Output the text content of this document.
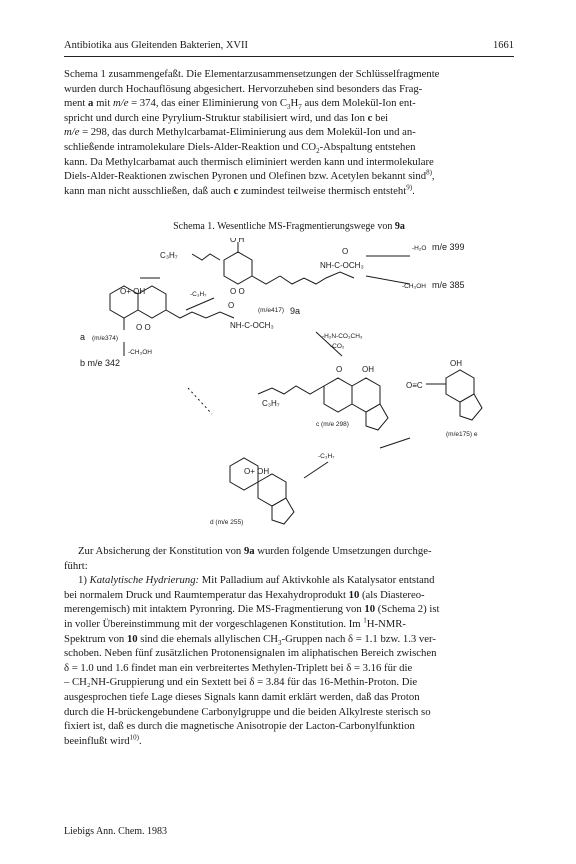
Antibiotika aus Gleitenden Bakterien, XVII	1661

Schema 1 zusammengefaßt. Die Elementarzusammensetzungen der Schlüsselfragmente

wurden durch Hochauflösung abgesichert. Hervorzuheben sind besonders das Frag-

ment a mit m/e = 374, das einer Eliminierung von $C_3H_7$ aus dem Molekül-Ion ent-

spricht und durch eine Pyrylium-Struktur stabilisiert wird, und das Ion c bei

m/e = 298, das durch Methylcarbamat-Eliminierung aus dem Molekül-Ion und an-

schließende intramolekulare Diels-Alder-Reaktion und $CO_2$-Abspaltung entstehen

kann. Da Methylcarbamat auch thermisch eliminiert werden kann und intermolekulare

Diels-Alder-Reaktionen zwischen Pyronen und Olefinen bzw. Acetylen bekannt sind$^{8)}$,

kann man nicht ausschließen, daß auch c zumindest teilweise thermisch entsteht$^{9)}$.

Schema 1. Wesentliche MS-Fragmentierungswege von 9a
C₃H₇
O H
O O
(m/e417) 9a
O
NH-C-OCH₃
-H₂O m/e 399
-CH₃OH m/e 385
O+ OH	-C₃H₇
O
NH-C-OCH₃
O O
a (m/e374)
-CH₃OH
b m/e 342
-H₂N-CO₂CH₃
-CO₂
O OH
C₃H₇
c (m/e 298)
OH
O≡C
(m/e175) e
-C₃H₇
O+ OH
d (m/e 255)

Zur Absicherung der Konstitution von 9a wurden folgende Umsetzungen durchge-

führt:

1) Katalytische Hydrierung: Mit Palladium auf Aktivkohle als Katalysator entstand

bei normalem Druck und Raumtemperatur das Hexahydroprodukt 10 (als Diastereo-

merengemisch) mit intaktem Pyronring. Die MS-Fragmentierung von 10 (Schema 2) ist

in voller Übereinstimmung mit der vorgeschlagenen Konstitution. Im $^1$H-NMR-

Spektrum von 10 sind die ehemals allylischen $CH_3$-Gruppen nach δ = 1.1 bzw. 1.3 ver-

schoben. Neben fünf zusätzlichen Protonensignalen im aliphatischen Bereich zwischen

δ = 1.0 und 1.6 findet man ein verbreitertes Methylen-Triplett bei δ = 3.16 für die

– CH₂NH-Gruppierung und ein Sextett bei δ = 3.84 für das 16-Methin-Proton. Die

ausgesprochen tiefe Lage dieses Signals kann damit erklärt werden, daß das Proton

durch die H-brückengebundene Carbonylgruppe und die beiden Alkylreste sterisch so

fixiert ist, daß es durch die magnetische Anisotropie der Lacton-Carbonylfunktion

beeinflußt wird$^{10)}$.

Liebigs Ann. Chem. 1983
